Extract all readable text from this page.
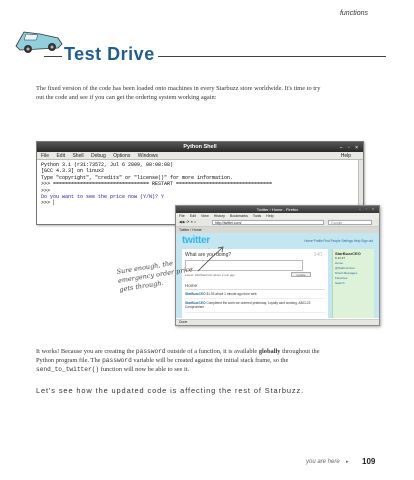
functions
Test Drive

The fixed version of the code has been loaded onto machines in every Starbuzz store worldwide. It's time to try out the code and see if you can get the ordering system working again:

Python Shell	– ▫ ×
File Edit Shell Debug Options Windows	Help
Python 3.1 (r31:73572, Jul 6 2009, 08:08:08)
[GCC 4.3.3] on linux2
Type "copyright", "credits" or "license()" for more information.
>>> ================================ RESTART ================================
>>>
Do you want to see the price now (Y/N)? Y
>>> ▏
Twitter / Home - Firefox	– ▫ ×
File Edit View History Bookmarks Tools Help
◀ ▶ ⟳ ✕ ⌂	http://twitter.com/	Google
Twitter / Home
twitter	Home Profile Find People Settings Help Sign out
What are you doing?	140
Latest: 109/Starbuzz about 2 min ago	update
Home
StarBuzzCEO $1.93 about 1 minute ago from web
StarBuzzCEO Completed the work we ordered yesterday. Loyalty card working. ABC123 Compromiser
StarBuzzCEO
9 14 27
Home
@Starbuzzceo
Direct Messages
Favorites
Search
Done
Sure enough, the emergency order price gets through.

It works! Because you are creating the password outside of a function, it is available globally throughout the Python program file. The password variable will be created against the initial stack frame, so the send_to_twitter() function will now be able to see it.

Let's see how the updated code is affecting the rest of Starbuzz.

you are here ▸ 109
